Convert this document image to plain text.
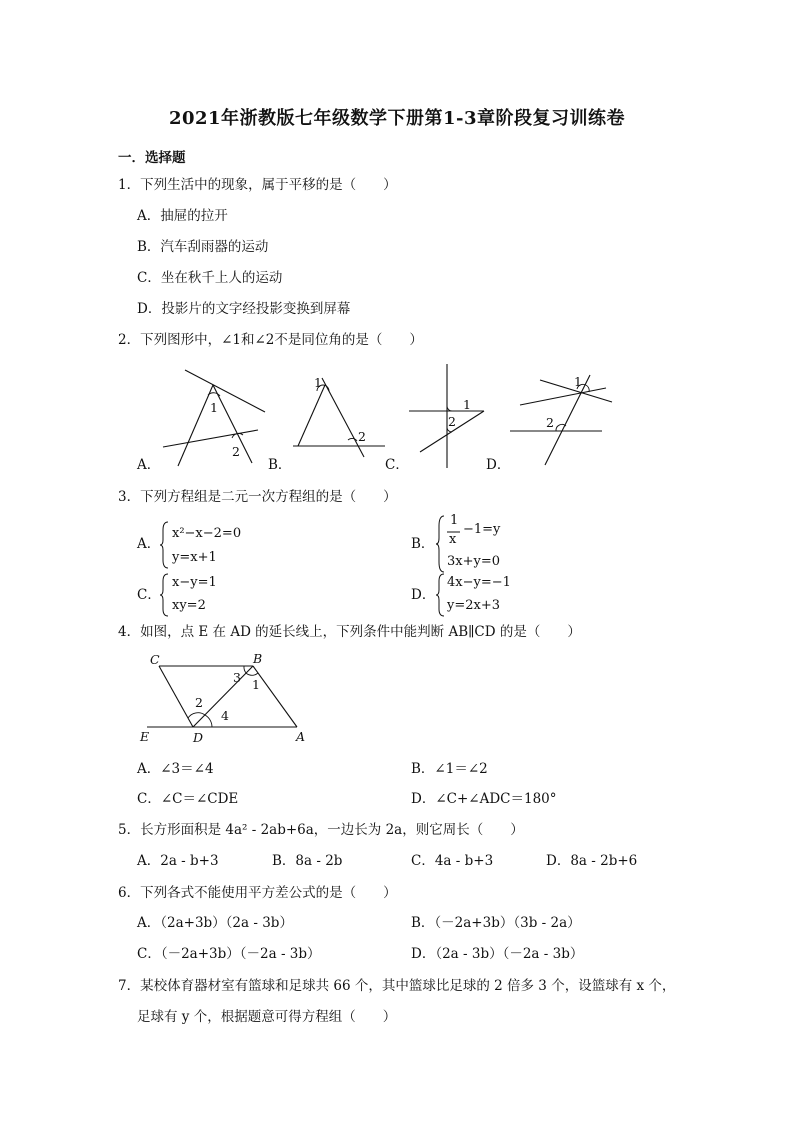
2021年浙教版七年级数学下册第1-3章阶段复习训练卷
一．选择题
1．下列生活中的现象，属于平移的是（　　）
A．抽屉的拉开
B．汽车刮雨器的运动
C．坐在秋千上人的运动
D．投影片的文字经投影变换到屏幕
2．下列图形中，∠1和∠2不是同位角的是（　　）
1
2
1
2
1
2
1
2
A．	B．	C．	D．
3．下列方程组是二元一次方程组的是（　　）
A．
x²−x−2=0
y=x+1
B．
1
x
−1=y
3x+y=0
C．
x−y=1
xy=2
D．
4x−y=−1
y=2x+3
4．如图，点 E 在 AD 的延长线上，下列条件中能判断 AB∥CD 的是（　　）
C	B
E	D	A
1
2
3
4
A．∠3＝∠4	B．∠1＝∠2
C．∠C＝∠CDE	D．∠C+∠ADC＝180°
5．长方形面积是 4a² - 2ab+6a，一边长为 2a，则它周长（　　）
A．2a - b+3	B．8a - 2b	C．4a - b+3	D．8a - 2b+6
6．下列各式不能使用平方差公式的是（　　）
A．（2a+3b）（2a - 3b）	B．（－2a+3b）（3b - 2a）
C．（－2a+3b）（－2a - 3b）	D．（2a - 3b）（－2a - 3b）
7．某校体育器材室有篮球和足球共 66 个，其中篮球比足球的 2 倍多 3 个，设篮球有 x 个，
足球有 y 个，根据题意可得方程组（　　）
